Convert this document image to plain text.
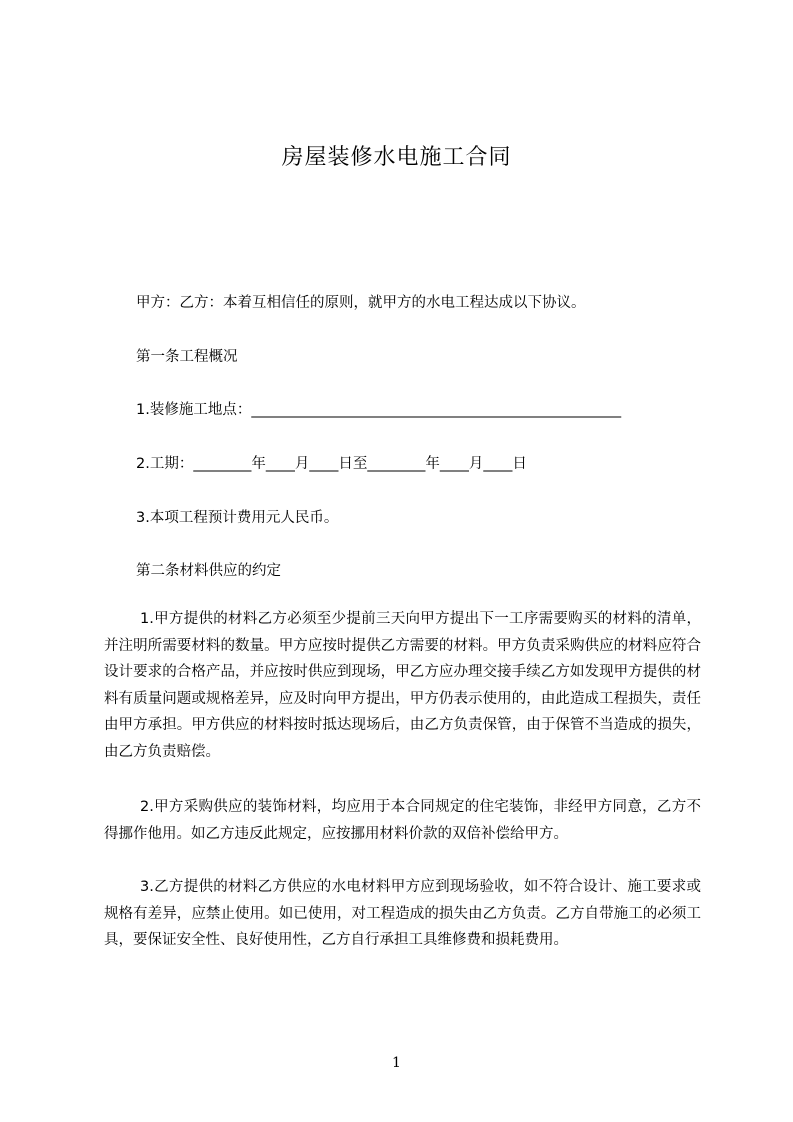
房屋装修水电施工合同
甲方：乙方：本着互相信任的原则，就甲方的水电工程达成以下协议。
第一条工程概况
1.装修施工地点：___________________________________________________
2.工期：________年____月____日至________年____月____日
3.本项工程预计费用元人民币。
第二条材料供应的约定
1.甲方提供的材料乙方必须至少提前三天向甲方提出下一工序需要购买的材料的清单，并注明所需要材料的数量。甲方应按时提供乙方需要的材料。甲方负责采购供应的材料应符合设计要求的合格产品，并应按时供应到现场，甲乙方应办理交接手续乙方如发现甲方提供的材料有质量问题或规格差异，应及时向甲方提出，甲方仍表示使用的，由此造成工程损失，责任由甲方承担。甲方供应的材料按时抵达现场后，由乙方负责保管，由于保管不当造成的损失，由乙方负责赔偿。
2.甲方采购供应的装饰材料，均应用于本合同规定的住宅装饰，非经甲方同意，乙方不得挪作他用。如乙方违反此规定，应按挪用材料价款的双倍补偿给甲方。
3.乙方提供的材料乙方供应的水电材料甲方应到现场验收，如不符合设计、施工要求或规格有差异，应禁止使用。如已使用，对工程造成的损失由乙方负责。乙方自带施工的必须工具，要保证安全性、良好使用性，乙方自行承担工具维修费和损耗费用。
1
